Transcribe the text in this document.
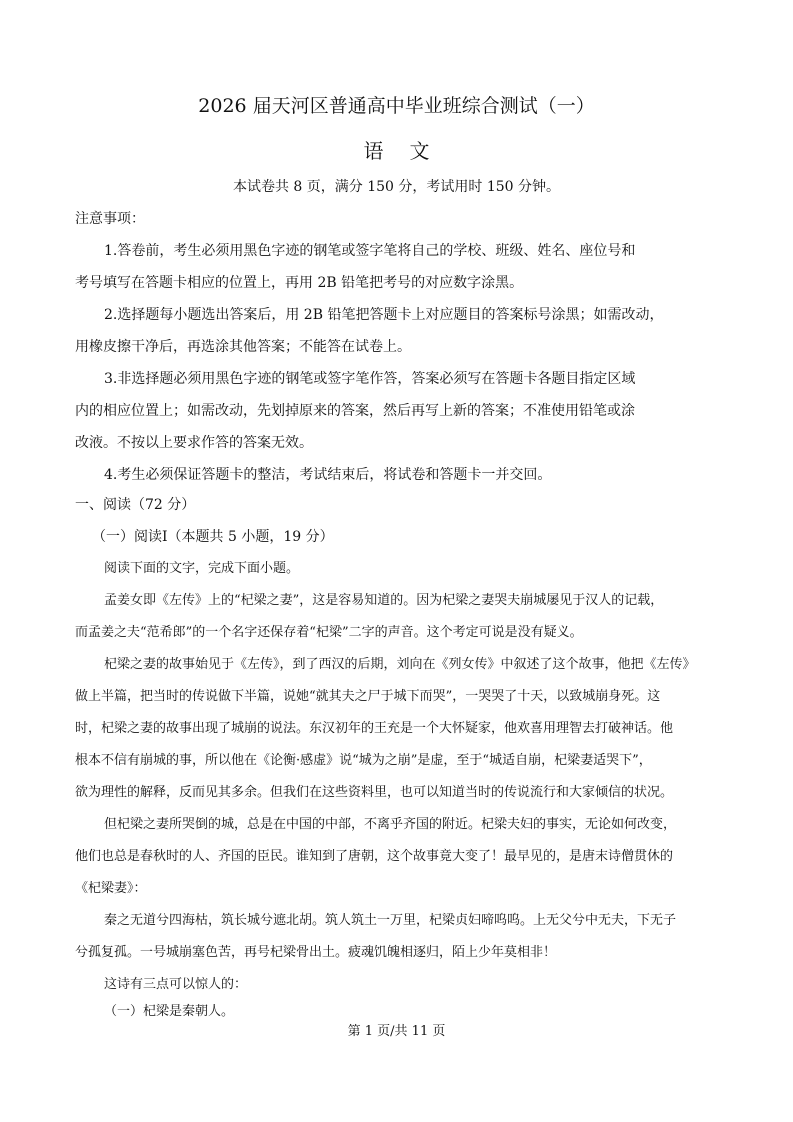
2026 届天河区普通高中毕业班综合测试（一）
语文
本试卷共 8 页，满分 150 分，考试用时 150 分钟。
注意事项：
1.答卷前，考生必须用黑色字迹的钢笔或签字笔将自己的学校、班级、姓名、座位号和
考号填写在答题卡相应的位置上，再用 2B 铅笔把考号的对应数字涂黑。
2.选择题每小题选出答案后，用 2B 铅笔把答题卡上对应题目的答案标号涂黑；如需改动，
用橡皮擦干净后，再选涂其他答案；不能答在试卷上。
3.非选择题必须用黑色字迹的钢笔或签字笔作答，答案必须写在答题卡各题目指定区域
内的相应位置上；如需改动，先划掉原来的答案，然后再写上新的答案；不准使用铅笔或涂
改液。不按以上要求作答的答案无效。
4.考生必须保证答题卡的整洁，考试结束后，将试卷和答题卡一并交回。
一、阅读（72 分）
（一）阅读Ⅰ（本题共 5 小题，19 分）
阅读下面的文字，完成下面小题。
孟姜女即《左传》上的“杞梁之妻”，这是容易知道的。因为杞梁之妻哭夫崩城屡见于汉人的记载，
而孟姜之夫“范希郎”的一个名字还保存着“杞梁”二字的声音。这个考定可说是没有疑义。
杞梁之妻的故事始见于《左传》，到了西汉的后期，刘向在《列女传》中叙述了这个故事，他把《左传》
做上半篇，把当时的传说做下半篇，说她“就其夫之尸于城下而哭”，一哭哭了十天，以致城崩身死。这
时，杞梁之妻的故事出现了城崩的说法。东汉初年的王充是一个大怀疑家，他欢喜用理智去打破神话。他
根本不信有崩城的事，所以他在《论衡·感虚》说“城为之崩”是虚，至于“城适自崩，杞梁妻适哭下”，
欲为理性的解释，反而见其多余。但我们在这些资料里，也可以知道当时的传说流行和大家倾信的状况。
但杞梁之妻所哭倒的城，总是在中国的中部，不离乎齐国的附近。杞梁夫妇的事实，无论如何改变，
他们也总是春秋时的人、齐国的臣民。谁知到了唐朝，这个故事竟大变了！最早见的，是唐末诗僧贯休的
《杞梁妻》：
秦之无道兮四海枯，筑长城兮遮北胡。筑人筑土一万里，杞梁贞妇啼呜呜。上无父兮中无夫，下无子
兮孤复孤。一号城崩塞色苦，再号杞梁骨出土。疲魂饥魄相逐归，陌上少年莫相非！
这诗有三点可以惊人的：
（一）杞梁是秦朝人。
第 1 页/共 11 页
